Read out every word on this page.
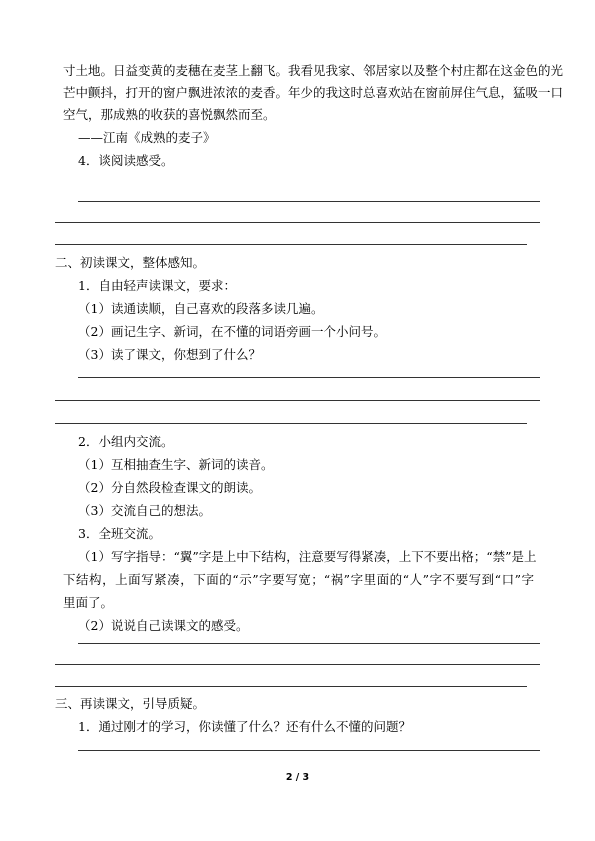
寸土地。日益变黄的麦穗在麦茎上翻飞。我看见我家、邻居家以及整个村庄都在这金色的光
芒中颤抖，打开的窗户飘进浓浓的麦香。年少的我这时总喜欢站在窗前屏住气息，猛吸一口
空气，那成熟的收获的喜悦飘然而至。
——江南《成熟的麦子》
4．谈阅读感受。
二、初读课文，整体感知。
1．自由轻声读课文，要求：
（1）读通读顺，自己喜欢的段落多读几遍。
（2）画记生字、新词，在不懂的词语旁画一个小问号。
（3）读了课文，你想到了什么？
2．小组内交流。
（1）互相抽查生字、新词的读音。
（2）分自然段检查课文的朗读。
（3）交流自己的想法。
3．全班交流。
（1）写字指导：“翼”字是上中下结构，注意要写得紧凑，上下不要出格；“禁”是上
下结构，上面写紧凑，下面的“示”字要写宽；“祸”字里面的“人”字不要写到“口”字
里面了。
（2）说说自己读课文的感受。
三、再读课文，引导质疑。
1．通过刚才的学习，你读懂了什么？还有什么不懂的问题？
2 / 3
